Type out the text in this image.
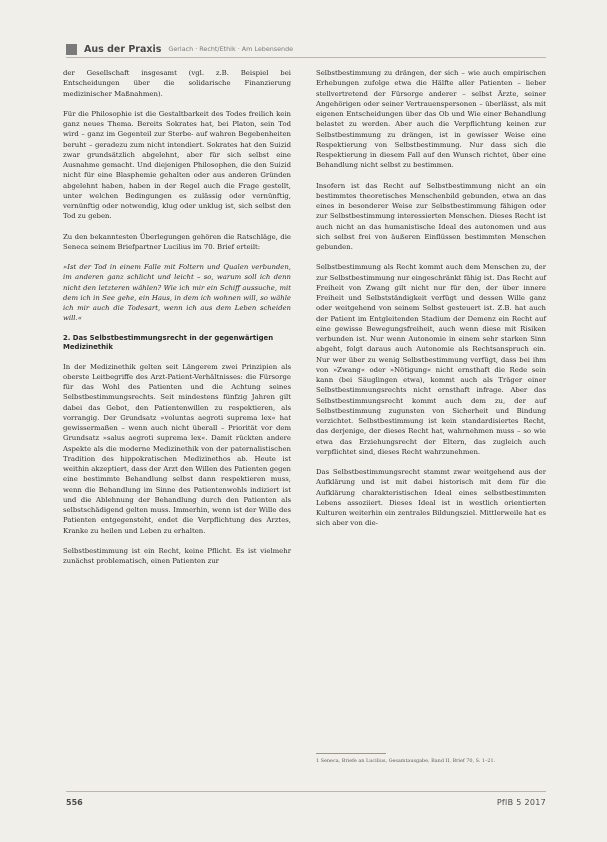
Aus der Praxis Gerlach · Recht/Ethik · Am Lebensende

der Gesellschaft insgesamt (vgl. z.B. Beispiel bei Entscheidungen über die solidarische Finanzierung medizinischer Maßnahmen).

Für die Philosophie ist die Gestaltbarkeit des Todes freilich kein ganz neues Thema. Bereits Sokrates hat, bei Platon, sein Tod wird – ganz im Gegenteil zur Sterbe- auf wahren Begebenheiten beruht – geradezu zum nicht intendiert. Sokrates hat den Suizid zwar grundsätzlich abgelehnt, aber für sich selbst eine Ausnahme gemacht. Und diejenigen Philosophen, die den Suizid nicht für eine Blasphemie gehalten oder aus anderen Gründen abgelehnt haben, haben in der Regel auch die Frage gestellt, unter welchen Bedingungen es zulässig oder vernünftig, vernünftig oder notwendig, klug oder unklug ist, sich selbst den Tod zu geben.

Zu den bekanntesten Überlegungen gehören die Ratschläge, die Seneca seinem Briefpartner Lucilius im 70. Brief erteilt:

»Ist der Tod in einem Falle mit Foltern und Qualen verbunden, im anderen ganz schlicht und leicht – so, warum soll ich denn nicht den letzteren wählen? Wie ich mir ein Schiff aussuche, mit dem ich in See gehe, ein Haus, in dem ich wohnen will, so wähle ich mir auch die Todesart, wenn ich aus dem Leben scheiden will.«

2. Das Selbstbestimmungsrecht in der gegenwärtigen Medizinethik

In der Medizinethik gelten seit Längerem zwei Prinzipien als oberste Leitbegriffe des Arzt-Patient-Verhältnisses: die Fürsorge für das Wohl des Patienten und die Achtung seines Selbstbestimmungsrechts. Seit mindestens fünfzig Jahren gilt dabei das Gebot, den Patientenwillen zu respektieren, als vorrangig. Der Grundsatz »voluntas aegroti suprema lex« hat gewissermaßen – wenn auch nicht überall – Priorität vor dem Grundsatz »salus aegroti suprema lex«. Damit rückten andere Aspekte als die moderne Medizinethik von der paternalistischen Tradition des hippokratischen Medizinethos ab. Heute ist weithin akzeptiert, dass der Arzt den Willen des Patienten gegen eine bestimmte Behandlung selbst dann respektieren muss, wenn die Behandlung im Sinne des Patientenwohls indiziert ist und die Ablehnung der Behandlung durch den Patienten als selbstschädigend gelten muss. Immerhin, wenn ist der Wille des Patienten entgegensteht, endet die Verpflichtung des Arztes, Kranke zu heilen und Leben zu erhalten.

Selbstbestimmung ist ein Recht, keine Pflicht. Es ist vielmehr zunächst problematisch, einen Patienten zur

Selbstbestimmung zu drängen, der sich – wie auch empirischen Erhebungen zufolge etwa die Hälfte aller Patienten – lieber stellvertretend der Fürsorge anderer – selbst Ärzte, seiner Angehörigen oder seiner Vertrauenspersonen – überlässt, als mit eigenen Entscheidungen über das Ob und Wie einer Behandlung belastet zu werden. Aber auch die Verpflichtung keinen zur Selbstbestimmung zu drängen, ist in gewisser Weise eine Respektierung von Selbstbestimmung. Nur dass sich die Respektierung in diesem Fall auf den Wunsch richtet, über eine Behandlung nicht selbst zu bestimmen.

Insofern ist das Recht auf Selbstbestimmung nicht an ein bestimmtes theoretisches Menschenbild gebunden, etwa an das eines in besonderer Weise zur Selbstbestimmung fähigen oder zur Selbstbestimmung interessierten Menschen. Dieses Recht ist auch nicht an das humanistische Ideal des autonomen und aus sich selbst frei von äußeren Einflüssen bestimmten Menschen gebunden.

Selbstbestimmung als Recht kommt auch dem Menschen zu, der zur Selbstbestimmung nur eingeschränkt fähig ist. Das Recht auf Freiheit von Zwang gilt nicht nur für den, der über innere Freiheit und Selbstständigkeit verfügt und dessen Wille ganz oder weitgehend von seinem Selbst gesteuert ist. Z.B. hat auch der Patient im Entgleitenden Stadium der Demenz ein Recht auf eine gewisse Bewegungsfreiheit, auch wenn diese mit Risiken verbunden ist. Nur wenn Autonomie in einem sehr starken Sinn abgeht, folgt daraus auch Autonomie als Rechtsanspruch ein. Nur wer über zu wenig Selbstbestimmung verfügt, dass bei ihm von »Zwang« oder »Nötigung« nicht ernsthaft die Rede sein kann (bei Säuglingen etwa), kommt auch als Träger einer Selbstbestimmungsrechts nicht ernsthaft infrage. Aber das Selbstbestimmungsrecht kommt auch dem zu, der auf Selbstbestimmung zugunsten von Sicherheit und Bindung verzichtet. Selbstbestimmung ist kein standardisiertes Recht, das derjenige, der dieses Recht hat, wahrnehmen muss – so wie etwa das Erziehungsrecht der Eltern, das zugleich auch verpflichtet sind, dieses Recht wahrzunehmen.

Das Selbstbestimmungsrecht stammt zwar weitgehend aus der Aufklärung und ist mit dabei historisch mit dem für die Aufklärung charakteristischen Ideal eines selbstbestimmten Lebens assoziiert. Dieses Ideal ist in westlich orientierten Kulturen weiterhin ein zentrales Bildungsziel. Mittlerweile hat es sich aber von die-

1 Seneca, Briefe an Lucilius, Gesamtausgabe, Band II, Brief 70, S. 1–21.
556	PflB 5 2017
